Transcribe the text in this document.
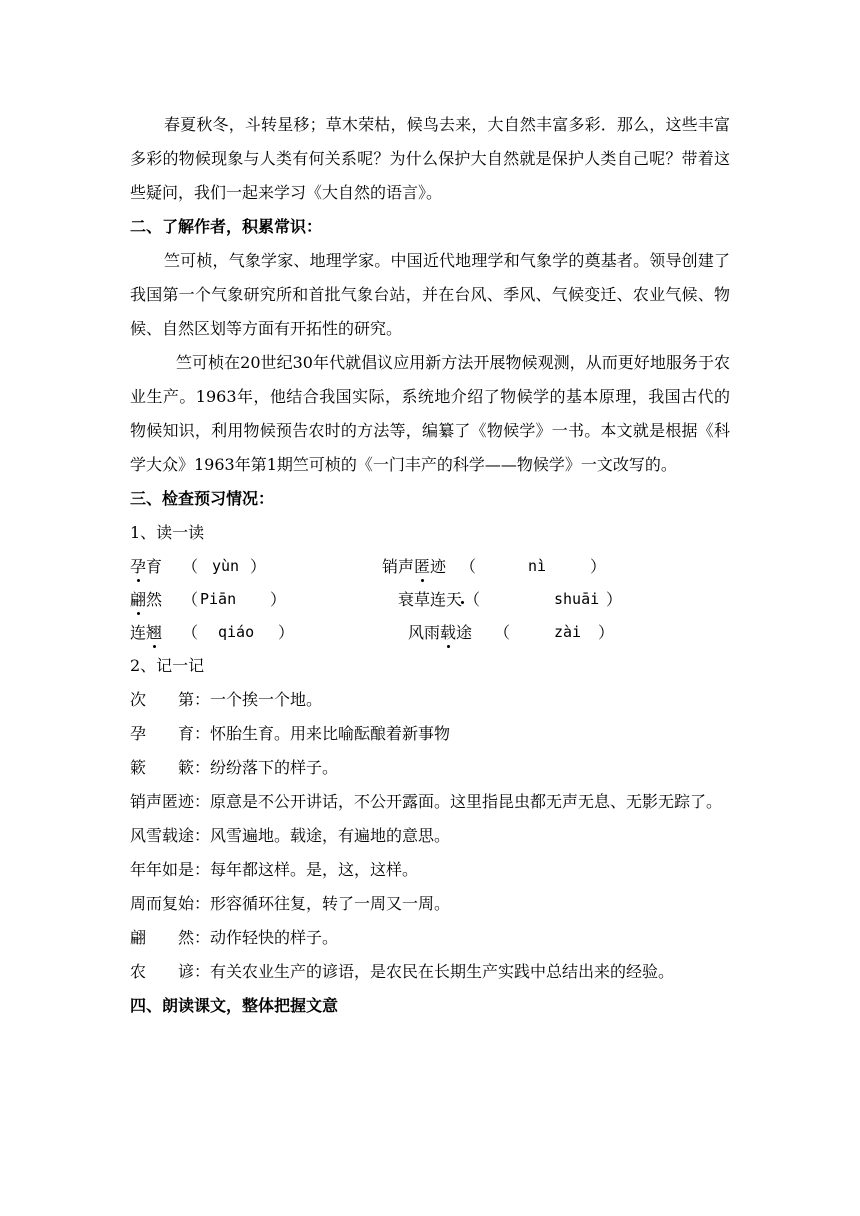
春夏秋冬，斗转星移；草木荣枯，候鸟去来，大自然丰富多彩．那么，这些丰富多彩的物候现象与人类有何关系呢？为什么保护大自然就是保护人类自己呢？带着这些疑问，我们一起来学习《大自然的语言》。

二、了解作者，积累常识：

竺可桢，气象学家、地理学家。中国近代地理学和气象学的奠基者。领导创建了我国第一个气象研究所和首批气象台站，并在台风、季风、气候变迁、农业气候、物候、自然区划等方面有开拓性的研究。

竺可桢在20世纪30年代就倡议应用新方法开展物候观测，从而更好地服务于农业生产。1963年，他结合我国实际，系统地介绍了物候学的基本原理，我国古代的物候知识，利用物候预告农时的方法等，编纂了《物候学》一书。本文就是根据《科学大众》1963年第1期竺可桢的《一门丰产的科学——物候学》一文改写的。

三、检查预习情况：
1、读一读
孕育 （ yùn ）	销声匿迹 （	nì	）
翩然 （ Piān ）	衰草连天 （	shuāi ）
连翘 （ qiáo ）	风雨载途 （	zài ）
2、记一记
次　　第：一个挨一个地。
孕　　育：怀胎生育。用来比喻酝酿着新事物
簌　　簌：纷纷落下的样子。
销声匿迹：原意是不公开讲话，不公开露面。这里指昆虫都无声无息、无影无踪了。
风雪载途：风雪遍地。载途，有遍地的意思。
年年如是：每年都这样。是，这，这样。
周而复始：形容循环往复，转了一周又一周。
翩　　然：动作轻快的样子。
农　　谚：有关农业生产的谚语，是农民在长期生产实践中总结出来的经验。
四、朗读课文，整体把握文意
